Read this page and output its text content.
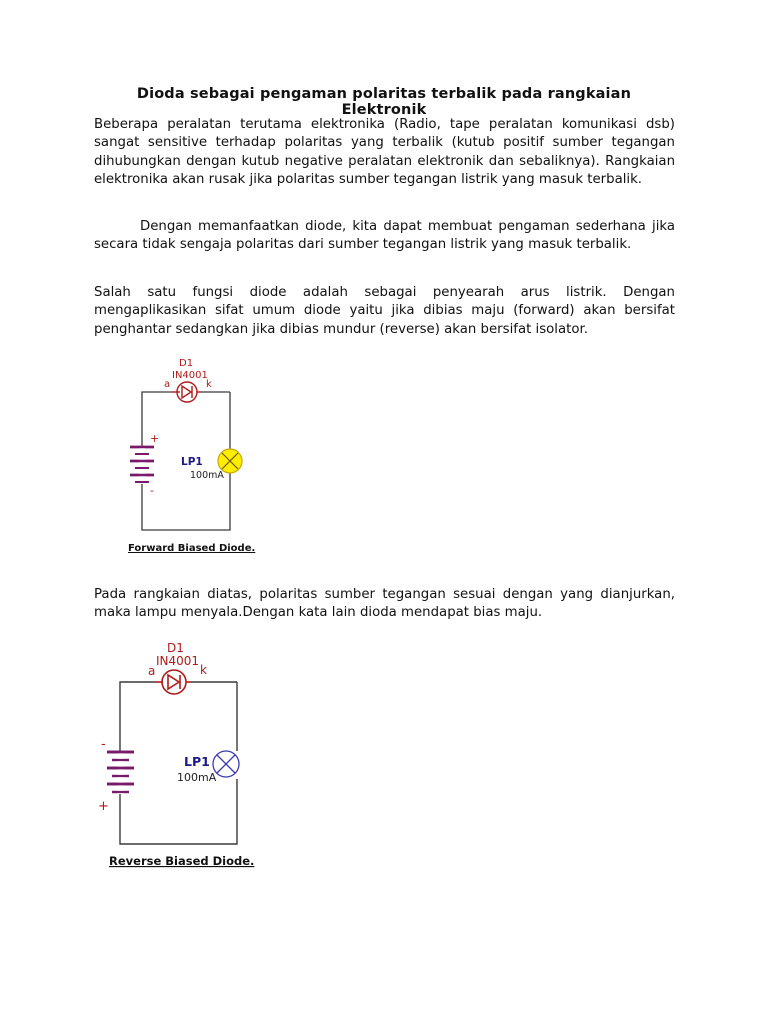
Dioda sebagai pengaman polaritas terbalik pada rangkaian Elektronik

Beberapa peralatan terutama elektronika (Radio, tape peralatan komunikasi dsb) sangat sensitive terhadap polaritas yang terbalik (kutub positif sumber tegangan dihubungkan dengan kutub negative peralatan elektronik dan sebaliknya). Rangkaian elektronika akan rusak jika polaritas sumber tegangan listrik yang masuk terbalik.

Dengan memanfaatkan diode, kita dapat membuat pengaman sederhana jika secara tidak sengaja polaritas dari sumber tegangan listrik yang masuk terbalik.

Salah satu fungsi diode adalah sebagai penyearah arus listrik. Dengan mengaplikasikan sifat umum diode yaitu jika dibias maju (forward) akan bersifat penghantar sedangkan jika dibias mundur (reverse) akan bersifat isolator.

D1
IN4001
a	k
+
-
LP1
100mA
Forward Biased Diode.

Pada rangkaian diatas, polaritas sumber tegangan sesuai dengan yang dianjurkan, maka lampu menyala.Dengan kata lain dioda mendapat bias maju.

D1
IN4001
a	k
-
+
LP1
100mA
Reverse Biased Diode.
